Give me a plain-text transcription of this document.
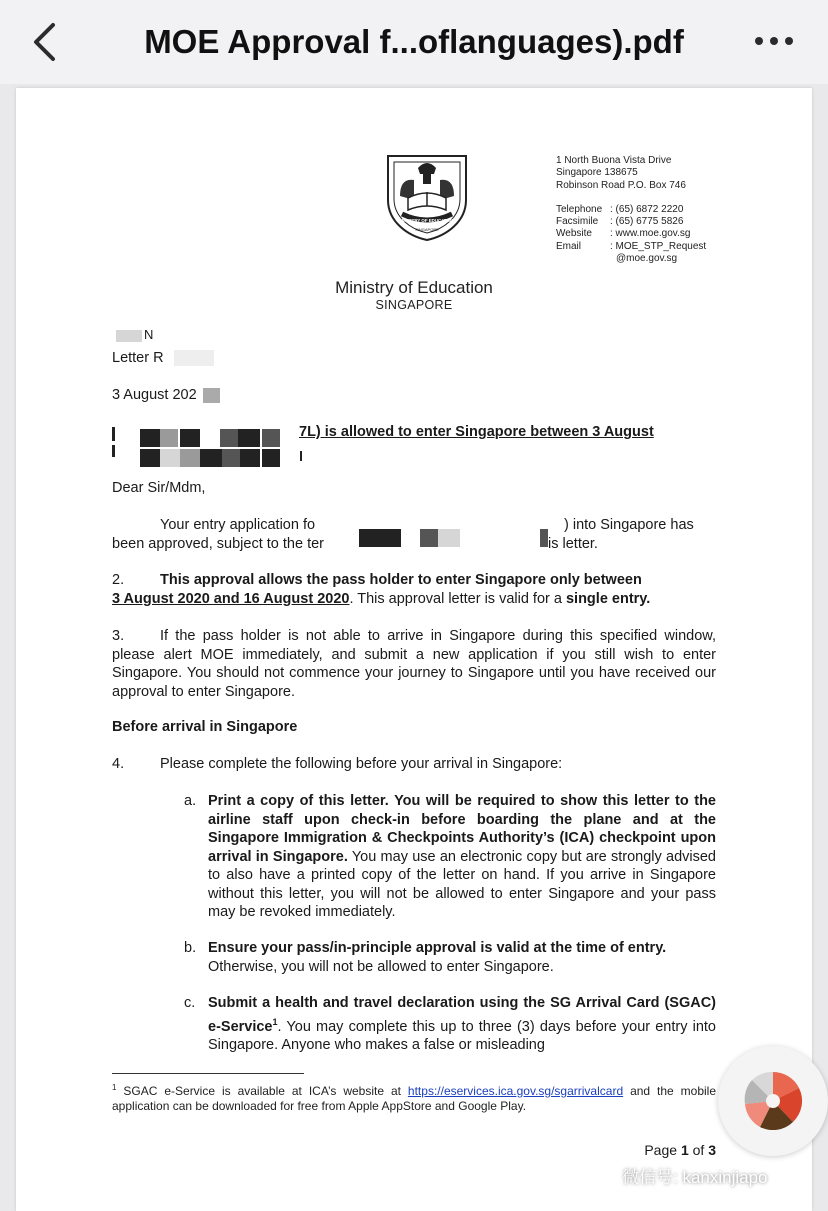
MOE Approval f...oflanguages).pdf
MINISTRY OF EDUCATION
SINGAPORE
1 North Buona Vista Drive
Singapore 138675
Robinson Road P.O. Box 746
Telephone : (65) 6872 2220
Facsimile	: (65) 6775 5826
Website	: www.moe.gov.sg
Email	: MOE_STP_Request
@moe.gov.sg
Ministry of Education
SINGAPORE
N
Letter R
3 August 202
7L) is allowed to enter Singapore between 3 August
Dear Sir/Mdm,
Your entry application fo	) into Singapore has
been approved, subject to the ter	is letter.
2. This approval allows the pass holder to enter Singapore only between
3 August 2020 and 16 August 2020. This approval letter is valid for a single entry.
3. If the pass holder is not able to arrive in Singapore during this specified window, please alert MOE immediately, and submit a new application if you still wish to enter Singapore. You should not commence your journey to Singapore until you have received our approval to enter Singapore.
Before arrival in Singapore
4. Please complete the following before your arrival in Singapore:
a. Print a copy of this letter. You will be required to show this letter to the airline staff upon check-in before boarding the plane and at the Singapore Immigration & Checkpoints Authority’s (ICA) checkpoint upon arrival in Singapore. You may use an electronic copy but are strongly advised to also have a printed copy of the letter on hand. If you arrive in Singapore without this letter, you will not be allowed to enter Singapore and your pass may be revoked immediately.
b. Ensure your pass/in-principle approval is valid at the time of entry. Otherwise, you will not be allowed to enter Singapore.
c. Submit a health and travel declaration using the SG Arrival Card (SGAC) e-Service$^1$. You may complete this up to three (3) days before your entry into Singapore. Anyone who makes a false or misleading
$^1$ SGAC e-Service is available at ICA’s website at https://eservices.ica.gov.sg/sgarrivalcard and the mobile application can be downloaded for free from Apple AppStore and Google Play.
Page 1 of 3
微信号: kanxinjiapo
